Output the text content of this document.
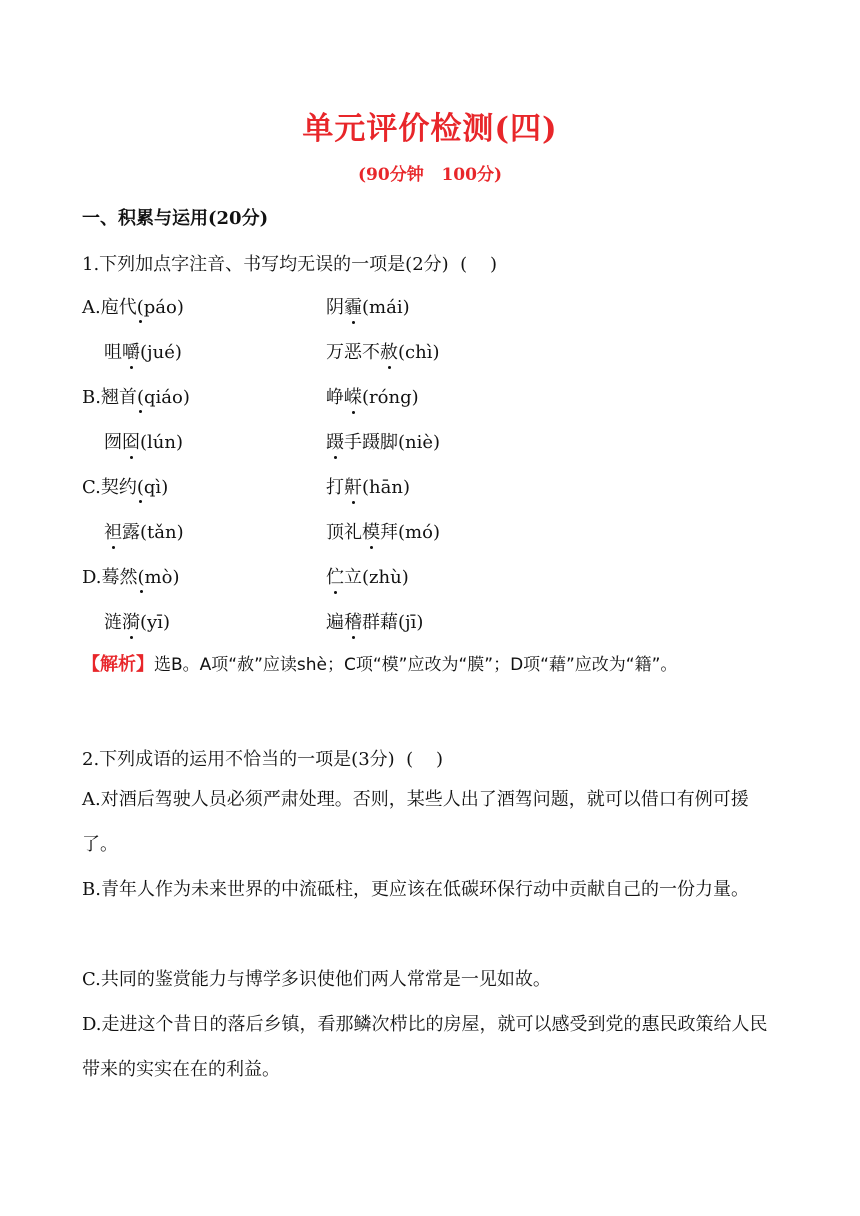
单元评价检测(四)
(90分钟   100分)
一、积累与运用(20分)
1.下列加点字注音、书写均无误的一项是(2分)  (    )
A.庖代(páo)	阴霾(mái)
咀嚼(jué)	万恶不赦(chì)
B.翘首(qiáo)	峥嵘(róng)
囫囵(lún)	蹑手蹑脚(niè)
C.契约(qì)	打鼾(hān)
袒露(tǎn)	顶礼模拜(mó)
D.蓦然(mò)	伫立(zhù)
涟漪(yī)	遍稽群藉(jī)
【解析】选B。A项“赦”应读shè；C项“模”应改为“膜”；D项“藉”应改为“籍”。
2.下列成语的运用不恰当的一项是(3分)  (    )
A.对酒后驾驶人员必须严肃处理。否则，某些人出了酒驾问题，就可以借口有例可援了。
B.青年人作为未来世界的中流砥柱，更应该在低碳环保行动中贡献自己的一份力量。
C.共同的鉴赏能力与博学多识使他们两人常常是一见如故。
D.走进这个昔日的落后乡镇，看那鳞次栉比的房屋，就可以感受到党的惠民政策给人民带来的实实在在的利益。
